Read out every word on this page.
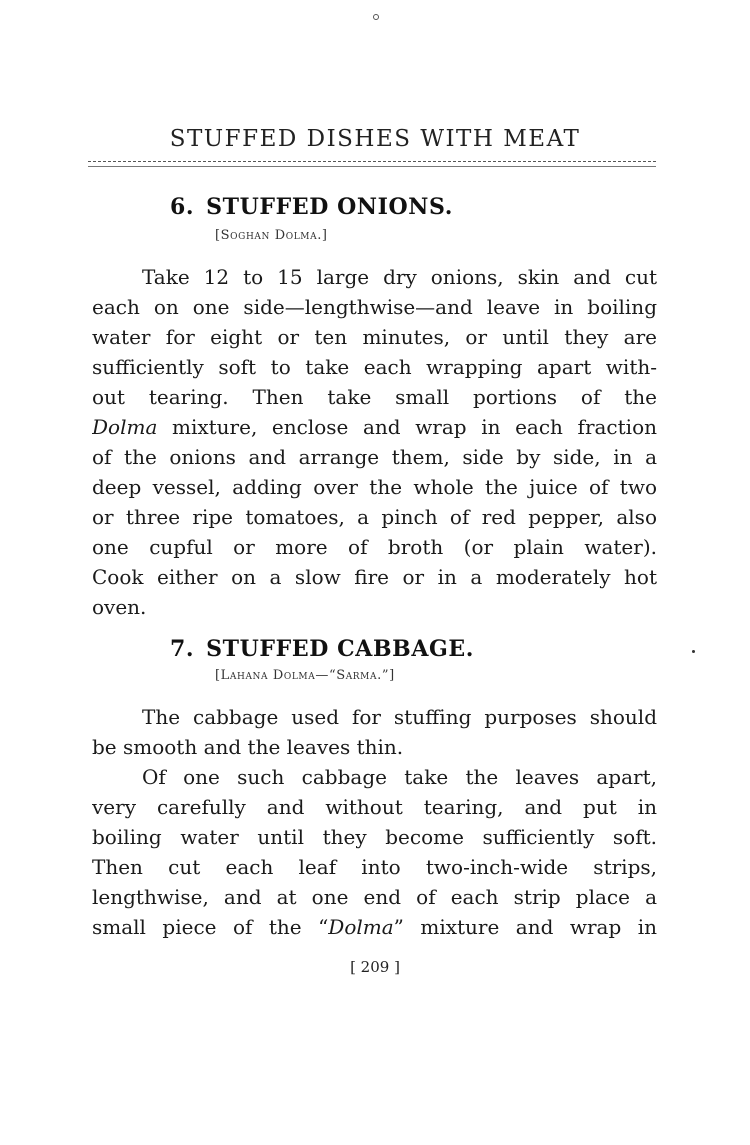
STUFFED DISHES WITH MEAT
6. STUFFED ONIONS.
[Soghan Dolma.]
Take 12 to 15 large dry onions, skin and cut
each on one side—lengthwise—and leave in boiling
water for eight or ten minutes, or until they are
sufficiently soft to take each wrapping apart with-
out tearing. Then take small portions of the
Dolma mixture, enclose and wrap in each fraction
of the onions and arrange them, side by side, in a
deep vessel, adding over the whole the juice of two
or three ripe tomatoes, a pinch of red pepper, also
one cupful or more of broth (or plain water).
Cook either on a slow fire or in a moderately hot
oven.
7. STUFFED CABBAGE.
[Lahana Dolma—“Sarma.”]
The cabbage used for stuffing purposes should
be smooth and the leaves thin.
Of one such cabbage take the leaves apart,
very carefully and without tearing, and put in
boiling water until they become sufficiently soft.
Then cut each leaf into two-inch-wide strips,
lengthwise, and at one end of each strip place a
small piece of the “Dolma” mixture and wrap in
[ 209 ]
